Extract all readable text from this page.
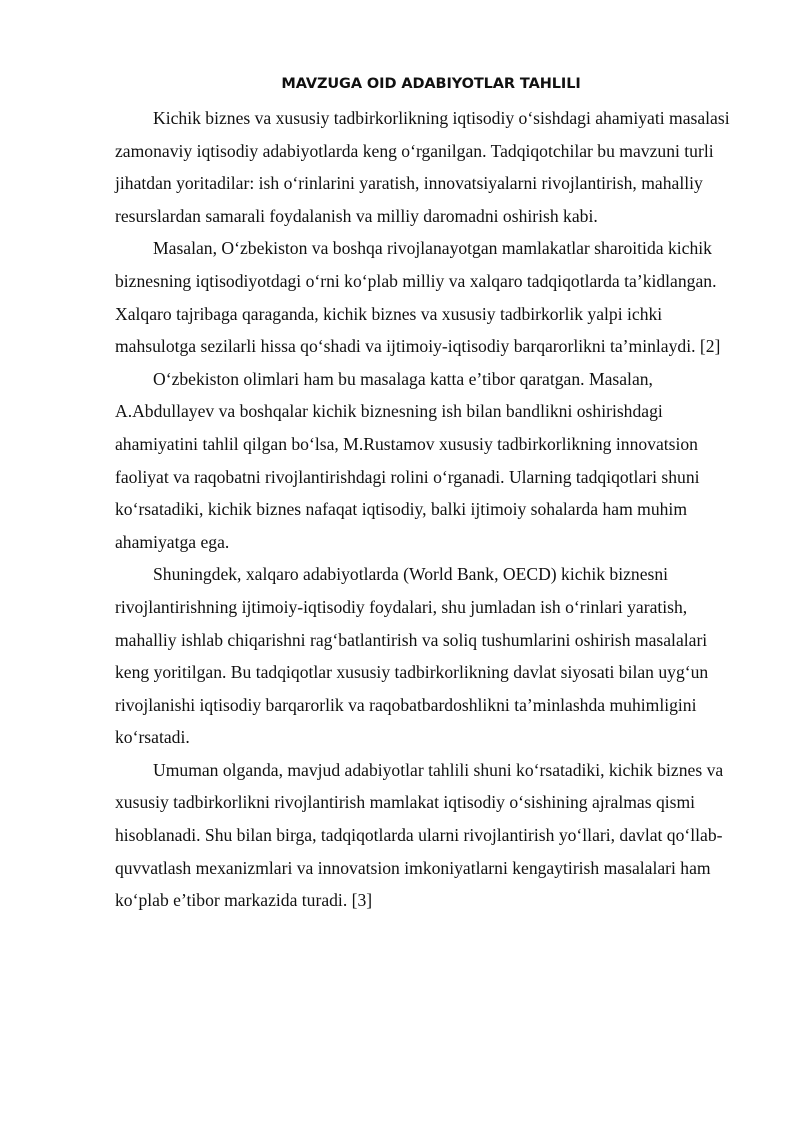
MAVZUGA OID ADABIYOTLAR TAHLILI

Kichik biznes va xususiy tadbirkorlikning iqtisodiy o‘sishdagi ahamiyati masalasi zamonaviy iqtisodiy adabiyotlarda keng o‘rganilgan. Tadqiqotchilar bu mavzuni turli jihatdan yoritadilar: ish o‘rinlarini yaratish, innovatsiyalarni rivojlantirish, mahalliy resurslardan samarali foydalanish va milliy daromadni oshirish kabi.

Masalan, O‘zbekiston va boshqa rivojlanayotgan mamlakatlar sharoitida kichik biznesning iqtisodiyotdagi o‘rni ko‘plab milliy va xalqaro tadqiqotlarda ta’kidlangan. Xalqaro tajribaga qaraganda, kichik biznes va xususiy tadbirkorlik yalpi ichki mahsulotga sezilarli hissa qo‘shadi va ijtimoiy-iqtisodiy barqarorlikni ta’minlaydi. [2]

O‘zbekiston olimlari ham bu masalaga katta e’tibor qaratgan. Masalan, A.Abdullayev va boshqalar kichik biznesning ish bilan bandlikni oshirishdagi ahamiyatini tahlil qilgan bo‘lsa, M.Rustamov xususiy tadbirkorlikning innovatsion faoliyat va raqobatni rivojlantirishdagi rolini o‘rganadi. Ularning tadqiqotlari shuni ko‘rsatadiki, kichik biznes nafaqat iqtisodiy, balki ijtimoiy sohalarda ham muhim ahamiyatga ega.

Shuningdek, xalqaro adabiyotlarda (World Bank, OECD) kichik biznesni rivojlantirishning ijtimoiy-iqtisodiy foydalari, shu jumladan ish o‘rinlari yaratish, mahalliy ishlab chiqarishni rag‘batlantirish va soliq tushumlarini oshirish masalalari keng yoritilgan. Bu tadqiqotlar xususiy tadbirkorlikning davlat siyosati bilan uyg‘un rivojlanishi iqtisodiy barqarorlik va raqobatbardoshlikni ta’minlashda muhimligini ko‘rsatadi.

Umuman olganda, mavjud adabiyotlar tahlili shuni ko‘rsatadiki, kichik biznes va xususiy tadbirkorlikni rivojlantirish mamlakat iqtisodiy o‘sishining ajralmas qismi hisoblanadi. Shu bilan birga, tadqiqotlarda ularni rivojlantirish yo‘llari, davlat qo‘llab-quvvatlash mexanizmlari va innovatsion imkoniyatlarni kengaytirish masalalari ham ko‘plab e’tibor markazida turadi. [3]
